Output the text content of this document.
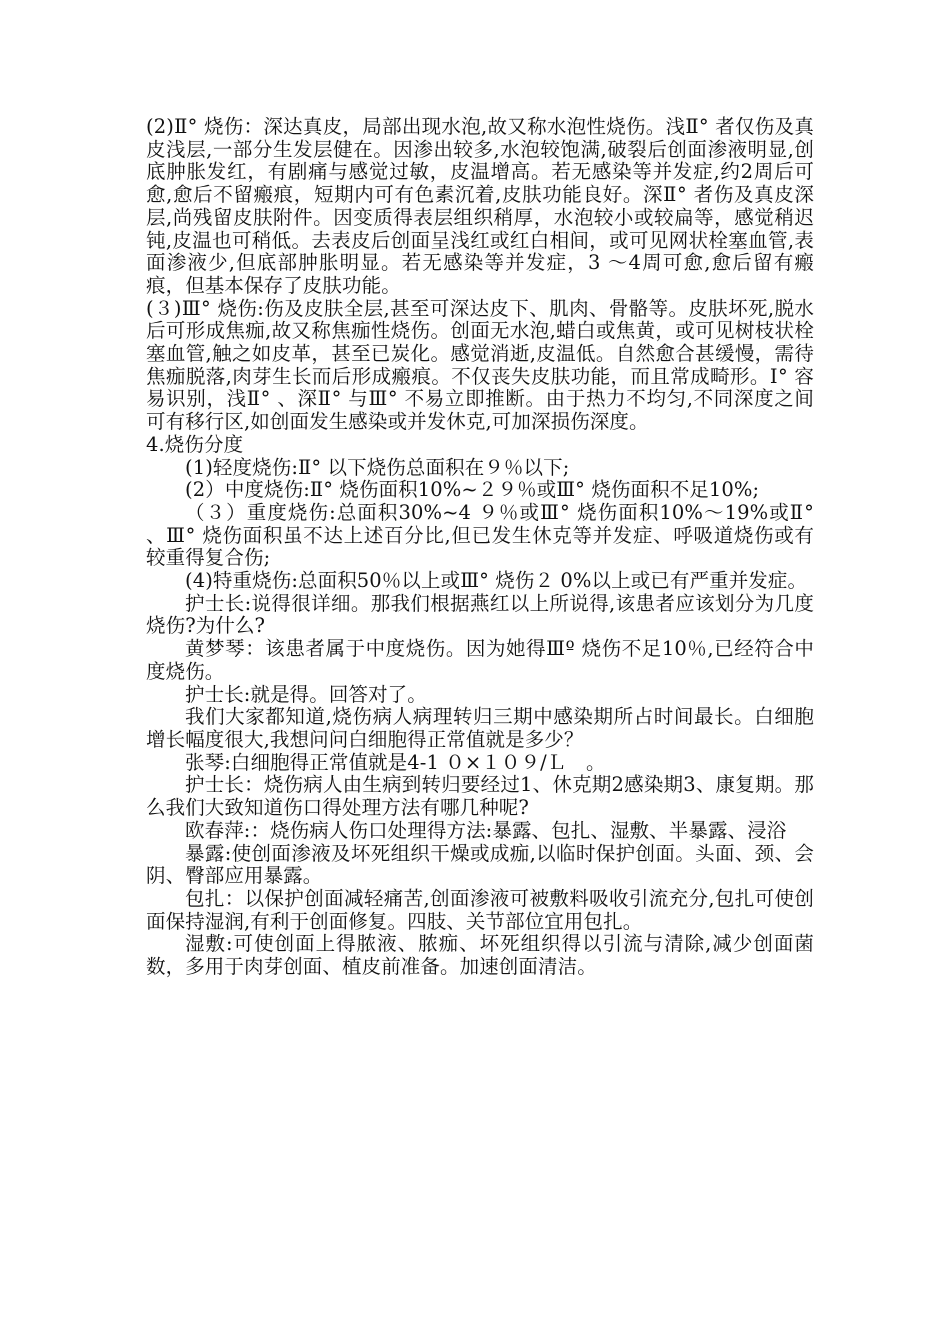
(2)Ⅱ° 烧伤：深达真皮，局部出现水泡,故又称水泡性烧伤。浅Ⅱ° 者仅伤及真皮浅层,一部分生发层健在。因渗出较多,水泡较饱满,破裂后创面渗液明显,创底肿胀发红，有剧痛与感觉过敏，皮温增高。若无感染等并发症,约2周后可愈,愈后不留瘢痕，短期内可有色素沉着,皮肤功能良好。深Ⅱ° 者伤及真皮深层,尚残留皮肤附件。因变质得表层组织稍厚，水泡较小或较扁等，感觉稍迟钝,皮温也可稍低。去表皮后创面呈浅红或红白相间，或可见网状栓塞血管,表面渗液少,但底部肿胀明显。若无感染等并发症，3 ～4周可愈,愈后留有瘢痕，但基本保存了皮肤功能。

(３)Ⅲ° 烧伤:伤及皮肤全层,甚至可深达皮下、肌肉、骨骼等。皮肤坏死,脱水后可形成焦痂,故又称焦痂性烧伤。创面无水泡,蜡白或焦黄，或可见树枝状栓塞血管,触之如皮革，甚至已炭化。感觉消逝,皮温低。自然愈合甚缓慢，需待焦痂脱落,肉芽生长而后形成瘢痕。不仅丧失皮肤功能，而且常成畸形。Ⅰ° 容易识别，浅Ⅱ° 、深Ⅱ° 与Ⅲ° 不易立即推断。由于热力不均匀,不同深度之间可有移行区,如创面发生感染或并发休克,可加深损伤深度。

4.烧伤分度

(1)轻度烧伤:Ⅱ° 以下烧伤总面积在９％以下;

(2）中度烧伤:Ⅱ° 烧伤面积10%~２９％或Ⅲ° 烧伤面积不足10%;

（３）重度烧伤:总面积30%~4 ９％或Ⅲ° 烧伤面积10%～19%或Ⅱ° 、Ⅲ° 烧伤面积虽不达上述百分比,但已发生休克等并发症、呼吸道烧伤或有较重得复合伤;

(4)特重烧伤:总面积50％以上或Ⅲ° 烧伤２ 0%以上或已有严重并发症。

护士长:说得很详细。那我们根据燕红以上所说得,该患者应该划分为几度烧伤?为什么?

黄梦琴：该患者属于中度烧伤。因为她得Ⅲº 烧伤不足10％,已经符合中度烧伤。

护士长:就是得。回答对了。

我们大家都知道,烧伤病人病理转归三期中感染期所占时间最长。白细胞增长幅度很大,我想问问白细胞得正常值就是多少？

张琴:白细胞得正常值就是4-1 ０×１０９/Ｌ　。

护士长：烧伤病人由生病到转归要经过1、休克期2感染期3、康复期。那么我们大致知道伤口得处理方法有哪几种呢?

欧春萍:：烧伤病人伤口处理得方法:暴露、包扎、湿敷、半暴露、浸浴

暴露:使创面渗液及坏死组织干燥或成痂,以临时保护创面。头面、颈、会阴、臀部应用暴露。

包扎：以保护创面减轻痛苦,创面渗液可被敷料吸收引流充分,包扎可使创面保持湿润,有利于创面修复。四肢、关节部位宜用包扎。

湿敷:可使创面上得脓液、脓痂、坏死组织得以引流与清除,减少创面菌数，多用于肉芽创面、植皮前准备。加速创面清洁。
